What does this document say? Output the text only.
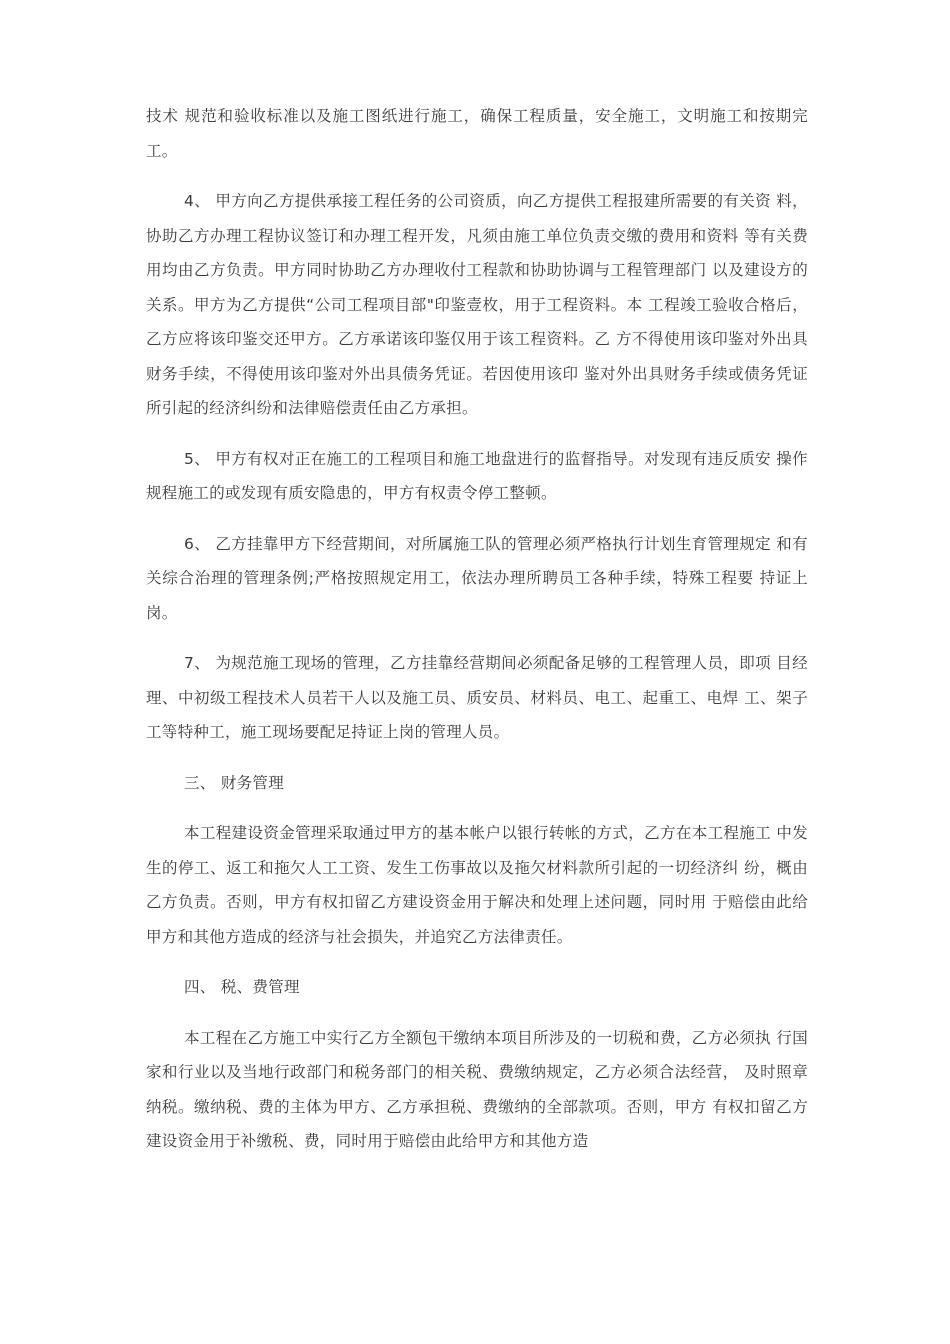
技术 规范和验收标准以及施工图纸进行施工，确保工程质量，安全施工，文明施工和按期完 工。

4、 甲方向乙方提供承接工程任务的公司资质，向乙方提供工程报建所需要的有关资 料，协助乙方办理工程协议签订和办理工程开发，凡须由施工单位负责交缴的费用和资料 等有关费用均由乙方负责。甲方同时协助乙方办理收付工程款和协助协调与工程管理部门 以及建设方的关系。甲方为乙方提供“公司工程项目部"印鉴壹枚，用于工程资料。本 工程竣工验收合格后，乙方应将该印鉴交还甲方。乙方承诺该印鉴仅用于该工程资料。乙 方不得使用该印鉴对外出具财务手续，不得使用该印鉴对外出具债务凭证。若因使用该印 鉴对外出具财务手续或债务凭证所引起的经济纠纷和法律赔偿责任由乙方承担。

5、 甲方有权对正在施工的工程项目和施工地盘进行的监督指导。对发现有违反质安 操作规程施工的或发现有质安隐患的，甲方有权责令停工整顿。

6、 乙方挂靠甲方下经营期间，对所属施工队的管理必须严格执行计划生育管理规定 和有关综合治理的管理条例;严格按照规定用工，依法办理所聘员工各种手续，特殊工程要 持证上岗。

7、 为规范施工现场的管理，乙方挂靠经营期间必须配备足够的工程管理人员，即项 目经理、中初级工程技术人员若干人以及施工员、质安员、材料员、电工、起重工、电焊 工、架子工等特种工，施工现场要配足持证上岗的管理人员。

三、 财务管理

本工程建设资金管理采取通过甲方的基本帐户以银行转帐的方式，乙方在本工程施工 中发生的停工、返工和拖欠人工工资、发生工伤事故以及拖欠材料款所引起的一切经济纠 纷，概由乙方负责。否则，甲方有权扣留乙方建设资金用于解决和处理上述问题，同时用 于赔偿由此给甲方和其他方造成的经济与社会损失，并追究乙方法律责任。

四、 税、费管理

本工程在乙方施工中实行乙方全额包干缴纳本项目所涉及的一切税和费，乙方必须执 行国家和行业以及当地行政部门和税务部门的相关税、费缴纳规定，乙方必须合法经营， 及时照章纳税。缴纳税、费的主体为甲方、乙方承担税、费缴纳的全部款项。否则，甲方 有权扣留乙方建设资金用于补缴税、费，同时用于赔偿由此给甲方和其他方造
